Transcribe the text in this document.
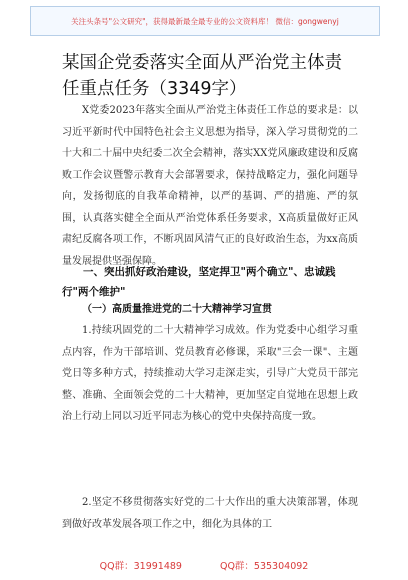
关注头条号"公文研究"，获得最新最全最专业的公文资料库！ 微信：gongwenyj
某国企党委落实全面从严治党主体责任重点任务（3349字）

X党委2023年落实全面从严治党主体责任工作总的要求是：以习近平新时代中国特色社会主义思想为指导，深入学习贯彻党的二十大和二十届中央纪委二次全会精神，落实XX党风廉政建设和反腐败工作会议暨警示教育大会部署要求，保持战略定力，强化问题导向，发扬彻底的自我革命精神，以严的基调、严的措施、严的氛围，认真落实健全全面从严治党体系任务要求，X高质量做好正风肃纪反腐各项工作，不断巩固风清气正的良好政治生态，为xx高质量发展提供坚强保障。

一、突出抓好政治建设，坚定捍卫"两个确立"、忠诚践行"两个维护"

（一）高质量推进党的二十大精神学习宣贯

1.持续巩固党的二十大精神学习成效。作为党委中心组学习重点内容，作为干部培训、党员教育必修课，采取"三会一课"、主题党日等多种方式，持续推动大学习走深走实，引导广大党员干部完整、准确、全面领会党的二十大精神，更加坚定自觉地在思想上政治上行动上同以习近平同志为核心的党中央保持高度一致。

2.坚定不移贯彻落实好党的二十大作出的重大决策部署，体现到做好改革发展各项工作之中，细化为具体的工

QQ群：31991489	QQ群：535304092
